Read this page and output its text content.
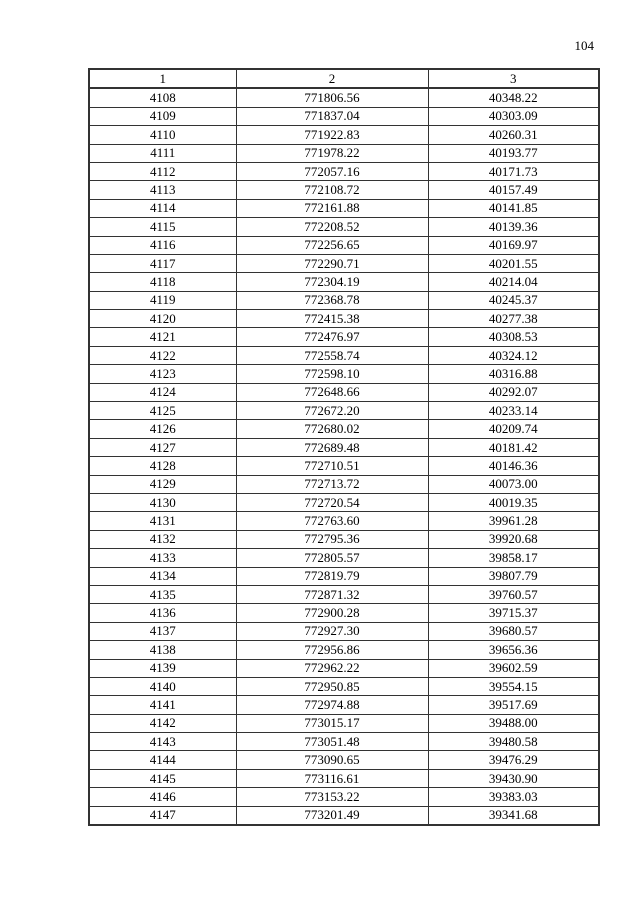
104
1	2	3
4108	771806.56	40348.22
4109	771837.04	40303.09
4110	771922.83	40260.31
4111	771978.22	40193.77
4112	772057.16	40171.73
4113	772108.72	40157.49
4114	772161.88	40141.85
4115	772208.52	40139.36
4116	772256.65	40169.97
4117	772290.71	40201.55
4118	772304.19	40214.04
4119	772368.78	40245.37
4120	772415.38	40277.38
4121	772476.97	40308.53
4122	772558.74	40324.12
4123	772598.10	40316.88
4124	772648.66	40292.07
4125	772672.20	40233.14
4126	772680.02	40209.74
4127	772689.48	40181.42
4128	772710.51	40146.36
4129	772713.72	40073.00
4130	772720.54	40019.35
4131	772763.60	39961.28
4132	772795.36	39920.68
4133	772805.57	39858.17
4134	772819.79	39807.79
4135	772871.32	39760.57
4136	772900.28	39715.37
4137	772927.30	39680.57
4138	772956.86	39656.36
4139	772962.22	39602.59
4140	772950.85	39554.15
4141	772974.88	39517.69
4142	773015.17	39488.00
4143	773051.48	39480.58
4144	773090.65	39476.29
4145	773116.61	39430.90
4146	773153.22	39383.03
4147	773201.49	39341.68
